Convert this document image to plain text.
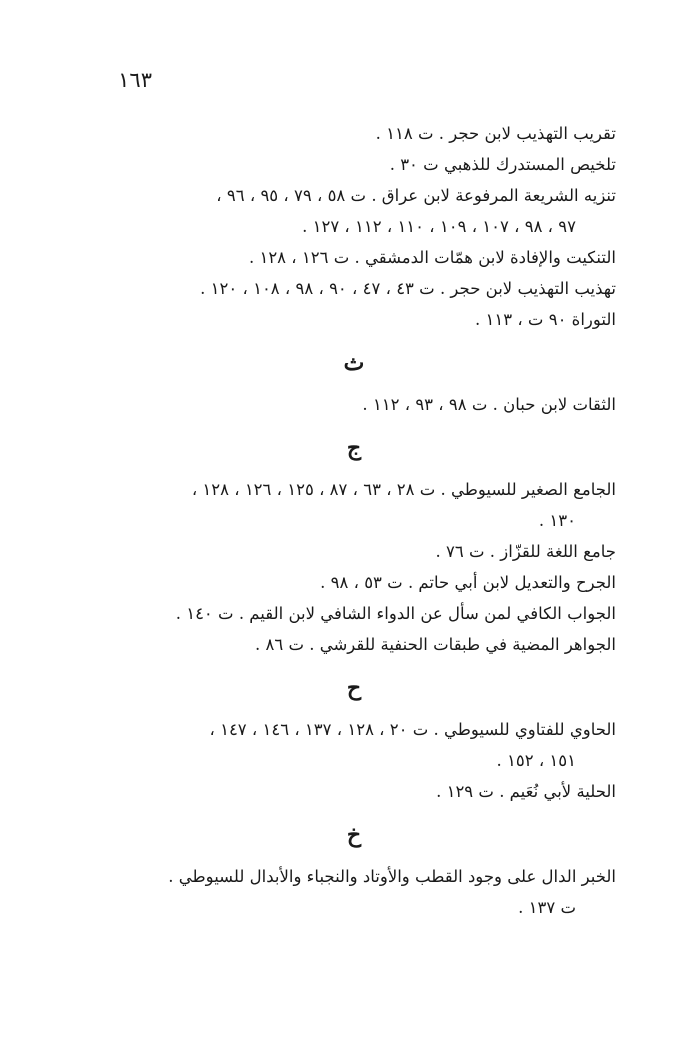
١٦٣
تقريب التهذيب لابن حجر . ت ١١٨ .
تلخيص المستدرك للذهبي ت ٣٠ .
تنزيه الشريعة المرفوعة لابن عراق . ت ٥٨ ، ٧٩ ، ٩٥ ، ٩٦ ،
٩٧ ، ٩٨ ، ١٠٧ ، ١٠٩ ، ١١٠ ، ١١٢ ، ١٢٧ .
التنكيت والإفادة لابن همّات الدمشقي . ت ١٢٦ ، ١٢٨ .
تهذيب التهذيب لابن حجر . ت ٤٣ ، ٤٧ ، ٩٠ ، ٩٨ ، ١٠٨ ، ١٢٠ .
التوراة ٩٠ ت ، ١١٣ .
ث
الثقات لابن حبان . ت ٩٨ ، ٩٣ ، ١١٢ .
ج
الجامع الصغير للسيوطي . ت ٢٨ ، ٦٣ ، ٨٧ ، ١٢٥ ، ١٢٦ ، ١٢٨ ،
١٣٠ .
جامع اللغة للقزّاز . ت ٧٦ .
الجرح والتعديل لابن أبي حاتم . ت ٥٣ ، ٩٨ .
الجواب الكافي لمن سأل عن الدواء الشافي لابن القيم . ت ١٤٠ .
الجواهر المضية في طبقات الحنفية للقرشي . ت ٨٦ .
ح
الحاوي للفتاوي للسيوطي . ت ٢٠ ، ١٢٨ ، ١٣٧ ، ١٤٦ ، ١٤٧ ،
١٥١ ، ١٥٢ .
الحلية لأبي نُعَيم . ت ١٢٩ .
خ
الخبر الدال على وجود القطب والأوتاد والنجباء والأبدال للسيوطي .
ت ١٣٧ .
